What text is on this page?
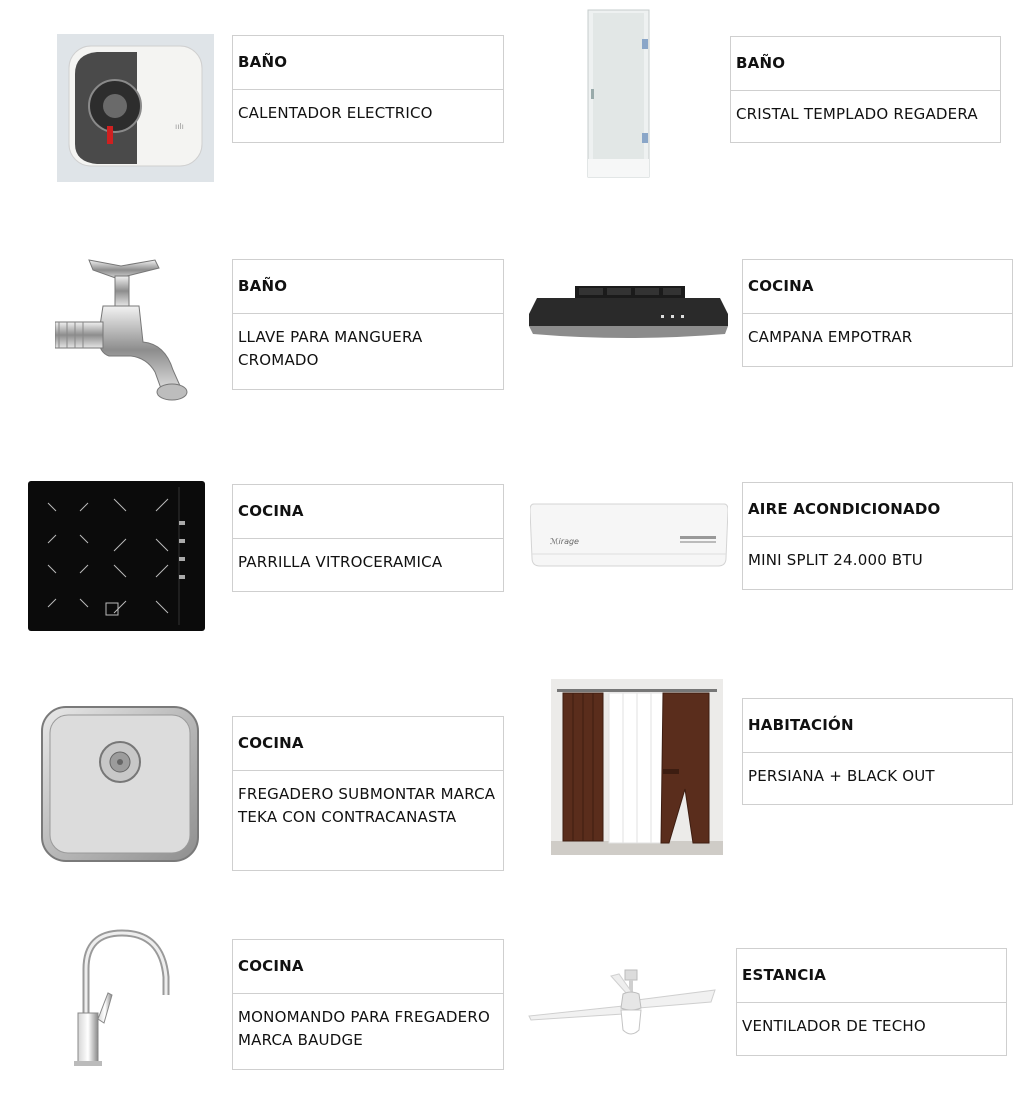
ıılı
BAÑO
CALENTADOR ELECTRICO
BAÑO
CRISTAL TEMPLADO REGADERA
BAÑO
LLAVE PARA MANGUERA CROMADO
COCINA
CAMPANA EMPOTRAR
COCINA
PARRILLA VITROCERAMICA
ℳirage
AIRE ACONDICIONADO
MINI SPLIT 24.000 BTU
COCINA
FREGADERO SUBMONTAR MARCA TEKA CON CONTRACANASTA
HABITACIÓN
PERSIANA + BLACK OUT
COCINA
MONOMANDO PARA FREGADERO MARCA BAUDGE
ESTANCIA
VENTILADOR DE TECHO
